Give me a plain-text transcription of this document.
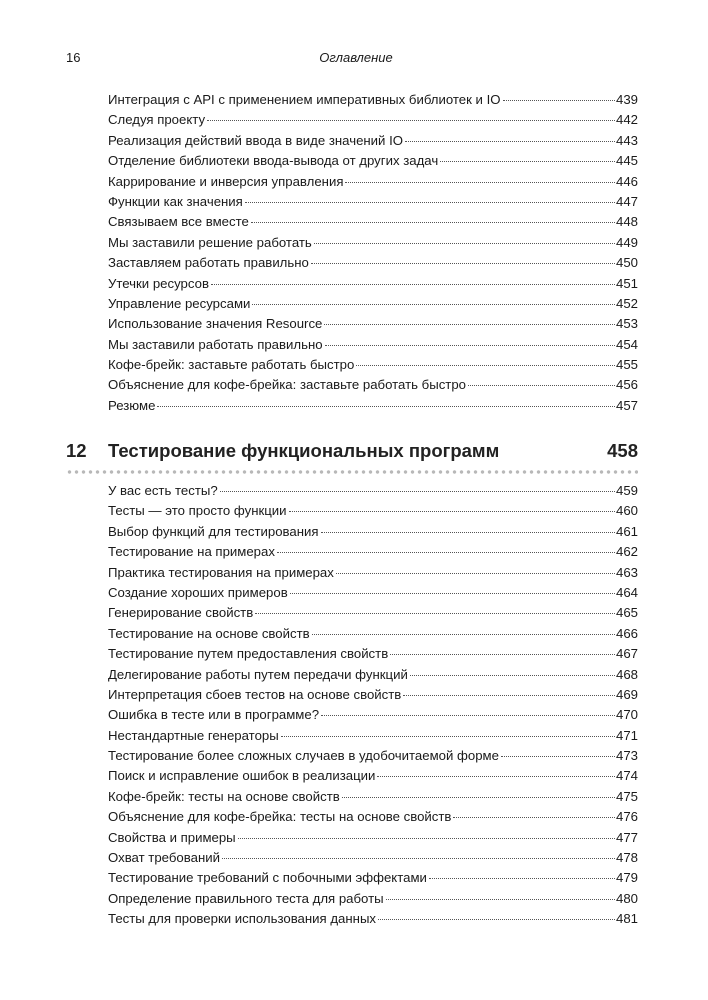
16	Оглавление
Интеграция с API с применением императивных библиотек и IO	439
Следуя проекту	442
Реализация действий ввода в виде значений IO	443
Отделение библиотеки ввода-вывода от других задач	445
Каррирование и инверсия управления	446
Функции как значения	447
Связываем все вместе	448
Мы заставили решение работать	449
Заставляем работать правильно	450
Утечки ресурсов	451
Управление ресурсами	452
Использование значения Resource	453
Мы заставили работать правильно	454
Кофе-брейк: заставьте работать быстро	455
Объяснение для кофе-брейка: заставьте работать быстро	456
Резюме	457
12	Тестирование функциональных программ	458
У вас есть тесты?	459
Тесты — это просто функции	460
Выбор функций для тестирования	461
Тестирование на примерах	462
Практика тестирования на примерах	463
Создание хороших примеров	464
Генерирование свойств	465
Тестирование на основе свойств	466
Тестирование путем предоставления свойств	467
Делегирование работы путем передачи функций	468
Интерпретация сбоев тестов на основе свойств	469
Ошибка в тесте или в программе?	470
Нестандартные генераторы	471
Тестирование более сложных случаев в удобочитаемой форме	473
Поиск и исправление ошибок в реализации	474
Кофе-брейк: тесты на основе свойств	475
Объяснение для кофе-брейка: тесты на основе свойств	476
Свойства и примеры	477
Охват требований	478
Тестирование требований с побочными эффектами	479
Определение правильного теста для работы	480
Тесты для проверки использования данных	481
